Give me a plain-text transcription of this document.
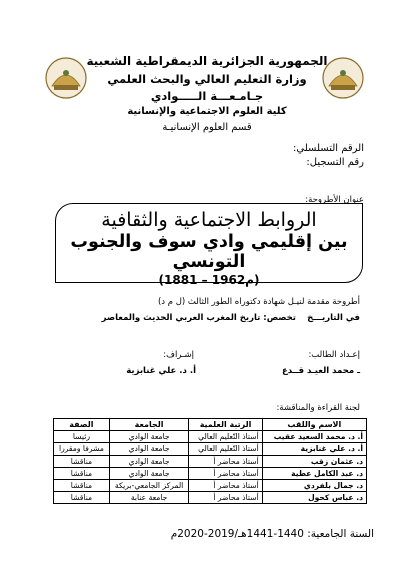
الجمهورية الجزائرية الديمقراطية الشعبية
وزارة التعليم العالي والبحث العلمي
جـامـعـــة الـــــوادي
كلية العلوم الاجتماعية والإنسانية
قسم العلوم الإنسانيـة
الرقم التسلسلي:
رقم التسجيل:
عنوان الأطروحة:
الروابط الاجتماعية والثقافية
بين إقليمي وادي سوف والجنوب التونسي
(1881 – 1962م)
أطروحة مقدمة لنيـل شهادة دكتوراه الطور الثالث (ل م د)
في التاريـــخ
تخصص: تاريخ المغرب العربي الحديث والمعاصر
إعـداد الطالب:
ـ محمد العيـد قــدع
إشـراف:
أ. د. علي غنابزية
لجنة القراءة والمناقشة:
الاسم واللقب	الرتبة العلمية	الجامعة	الصفة
أ. د. محمد السعيد عقيب	أستاذ التّعليم العالي	جامعة الوادي	رئيسا
أ. د. علي غنابزية	أستاذ التّعليم العالي	جامعة الوادي	مشرفا ومقررا
د. عثمان زقب	أستاذ محاضر أ	جامعة الوادي	مناقشا
د. عبد الكامل عطية	أستاذ محاضر أ	جامعة الوادي	مناقشا
د. جمال بلفردي	أستاذ محاضر أ	المركز الجامعي-بريكة	مناقشا
د. عباس كحول	أستاذ محاضر أ	جامعة عنابة	مناقشا
السنة الجامعية: 1440-1441هـ/2019-2020م
